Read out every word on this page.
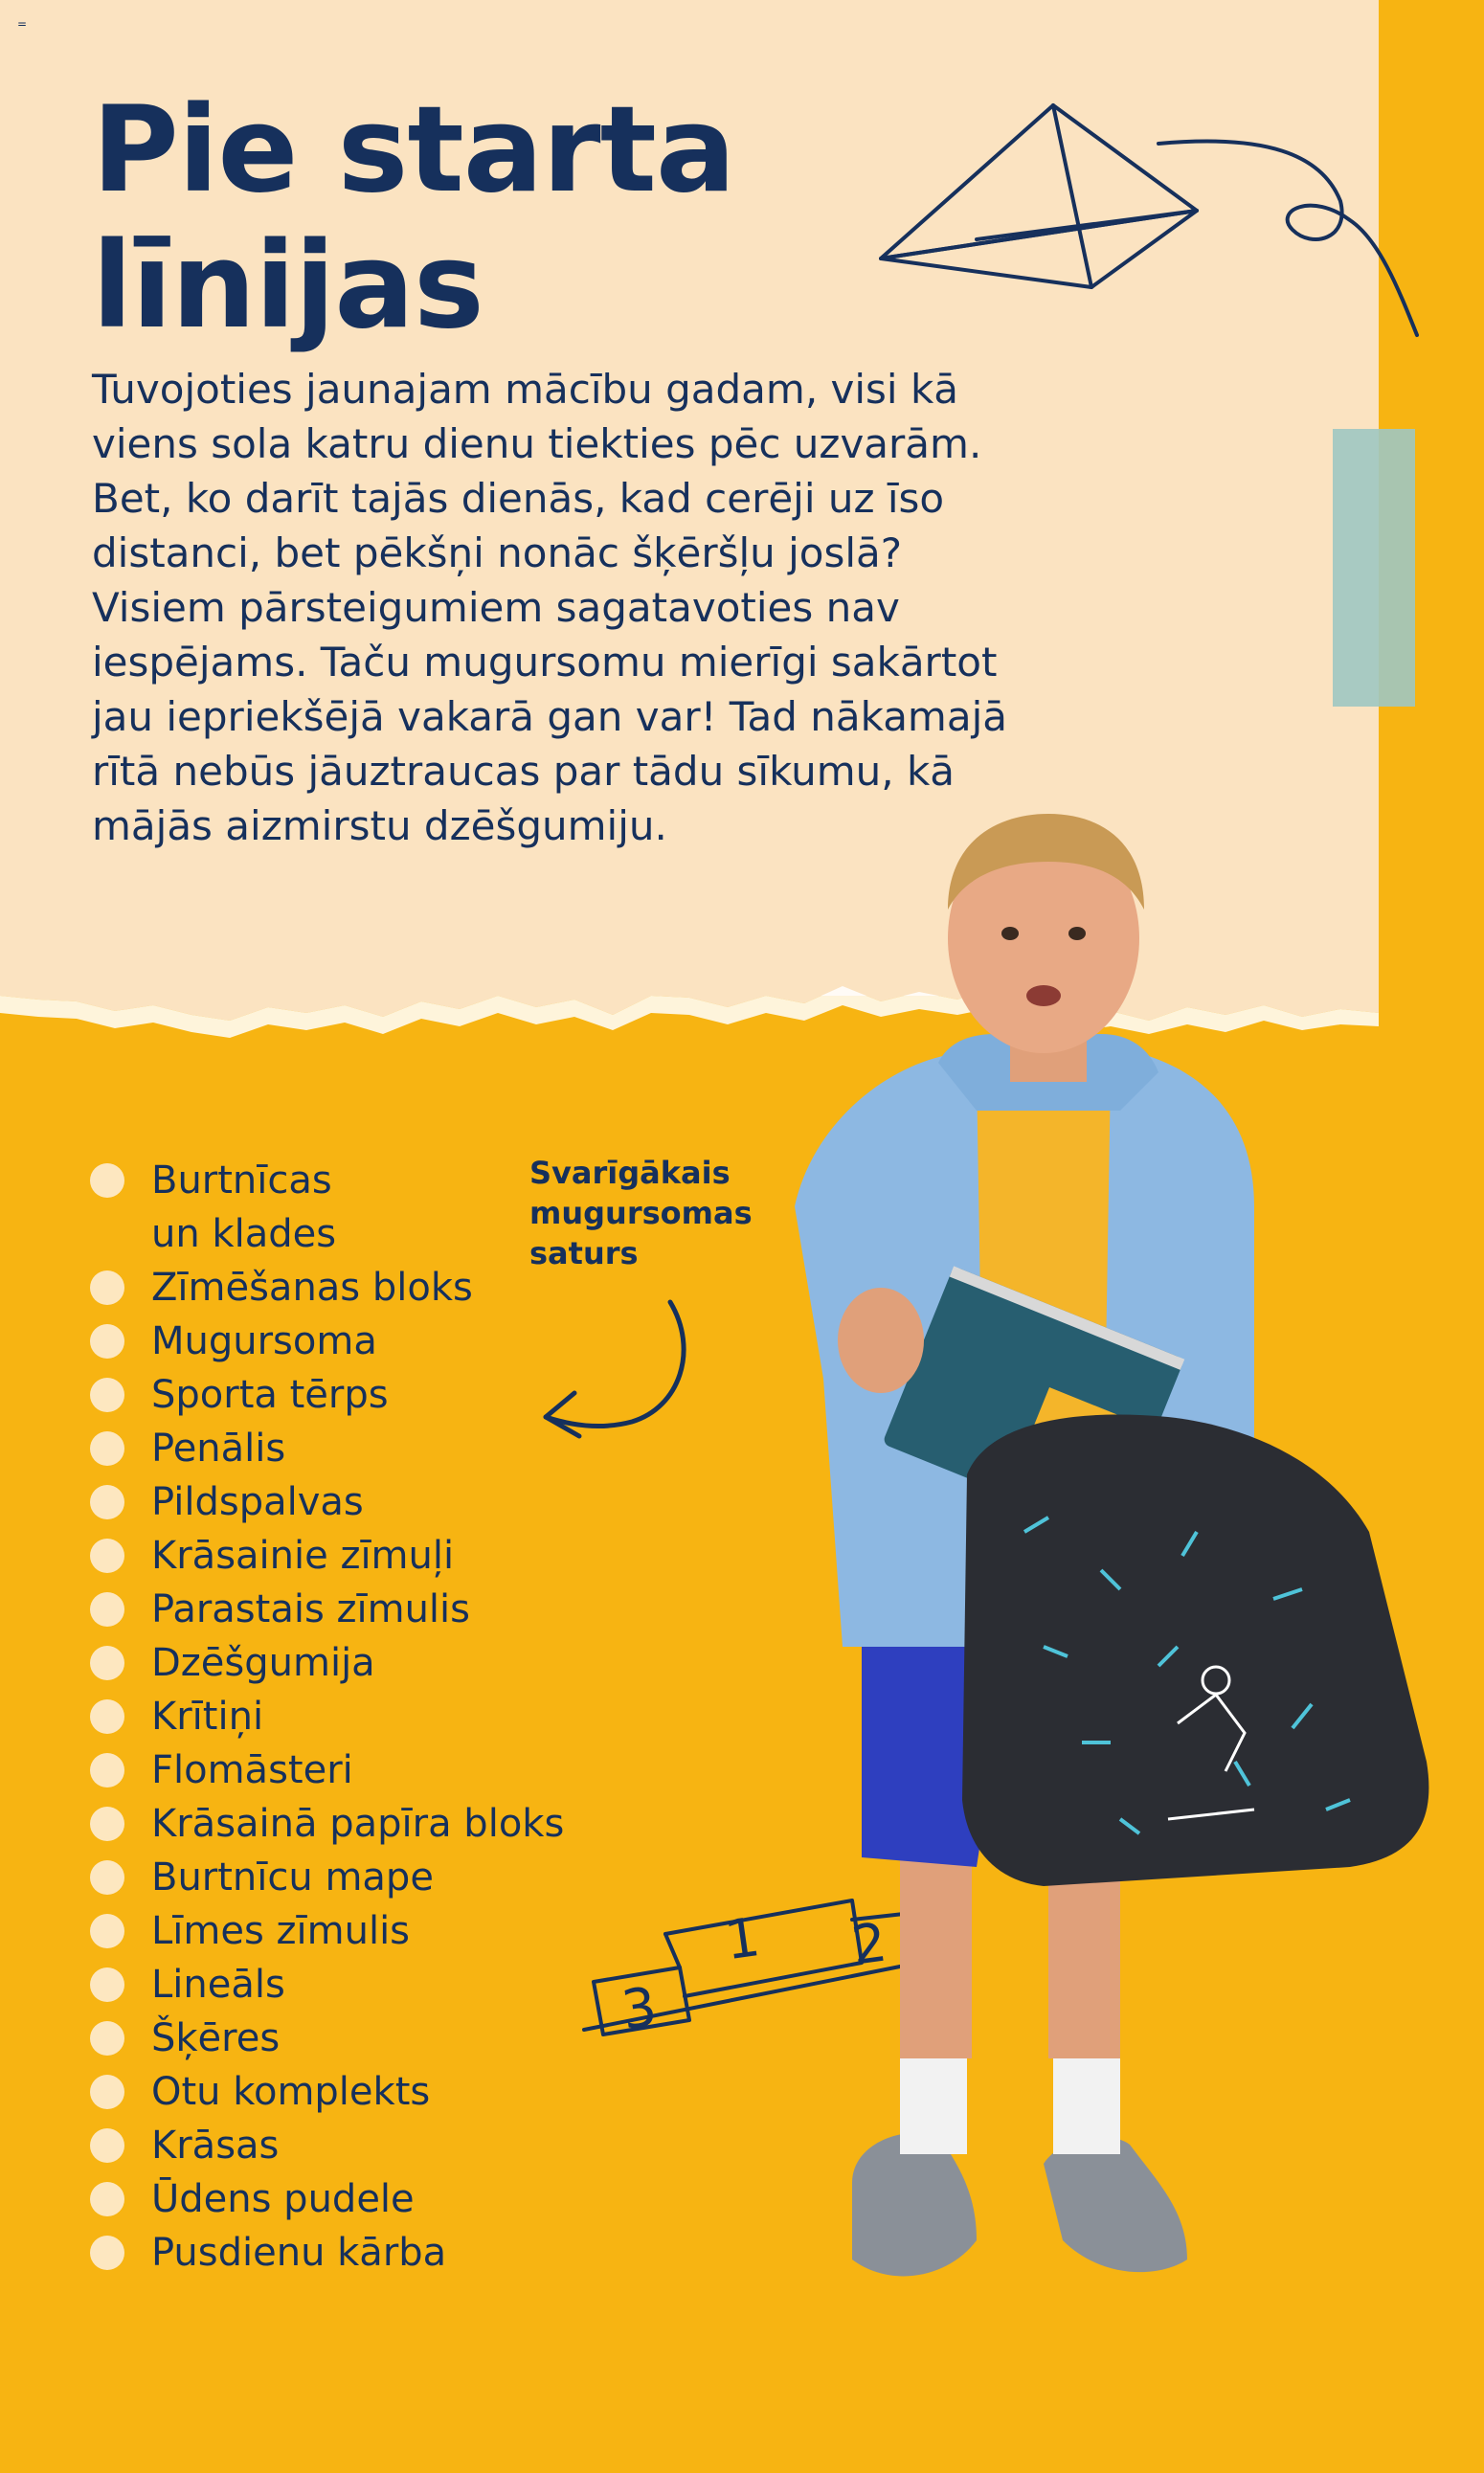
=
Pie starta
līnijas

Tuvojoties jaunajam mācību gadam, visi kā
viens sola katru dienu tiekties pēc uzvarām.
Bet, ko darīt tajās dienās, kad cerēji uz īso
distanci, bet pēkšņi nonāc šķēršļu joslā?
Visiem pārsteigumiem sagatavoties nav
iespējams. Taču mugursomu mierīgi sakārtot
jau iepriekšējā vakarā gan var! Tad nākamajā
rītā nebūs jāuztraucas par tādu sīkumu, kā
mājās aizmirstu dzēšgumiju.

Svarīgākais
mugursomas
saturs
Burtnīcas
un klades
Zīmēšanas bloks
Mugursoma
Sporta tērps
Penālis
Pildspalvas
Krāsainie zīmuļi
Parastais zīmulis
Dzēšgumija
Krītiņi
Flomāsteri
Krāsainā papīra bloks
Burtnīcu mape
Līmes zīmulis
Lineāls
Šķēres
Otu komplekts
Krāsas
Ūdens pudele
Pusdienu kārba
1 2
3
